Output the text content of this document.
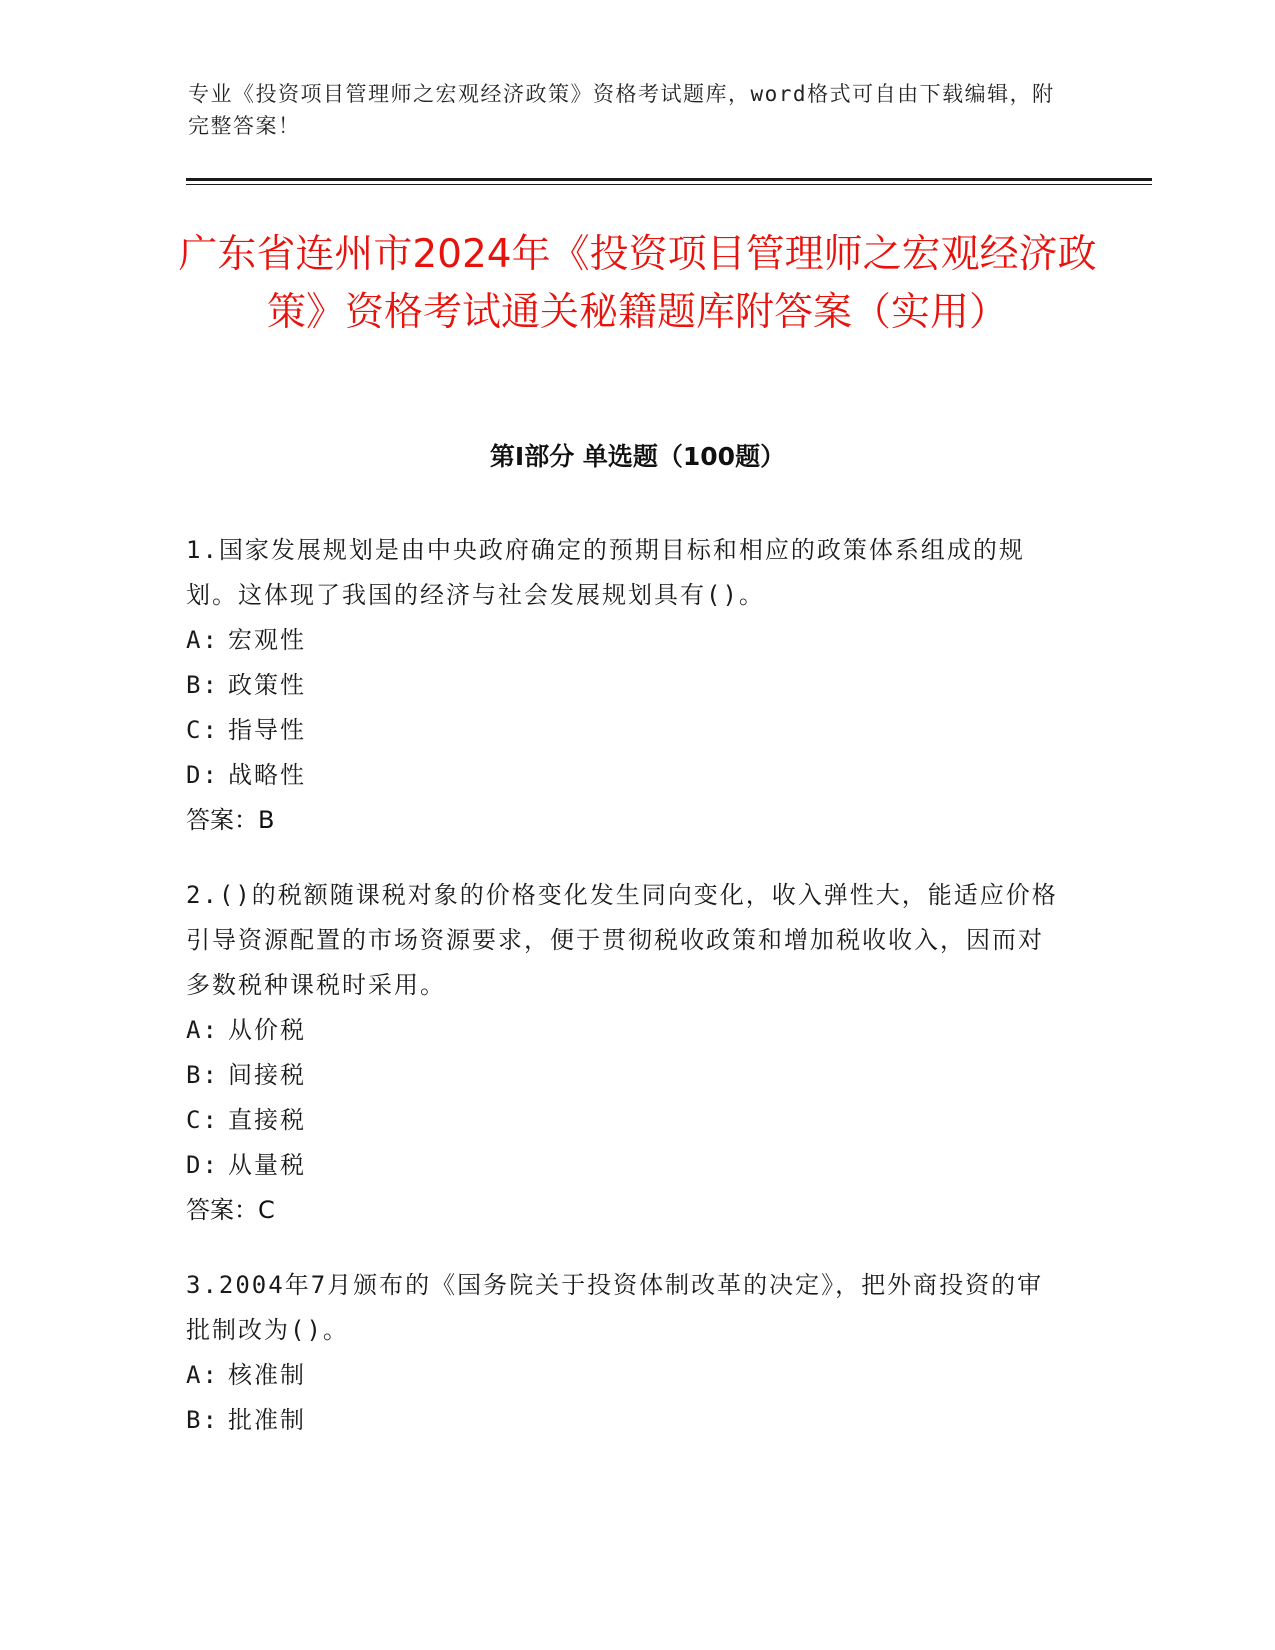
专业《投资项目管理师之宏观经济政策》资格考试题库，word格式可自由下载编辑，附完整答案！
广东省连州市2024年《投资项目管理师之宏观经济政策》资格考试通关秘籍题库附答案（实用）
第I部分 单选题（100题）
1.国家发展规划是由中央政府确定的预期目标和相应的政策体系组成的规划。这体现了我国的经济与社会发展规划具有()。
A: 宏观性
B: 政策性
C: 指导性
D: 战略性
答案：B
2.()的税额随课税对象的价格变化发生同向变化，收入弹性大，能适应价格引导资源配置的市场资源要求，便于贯彻税收政策和增加税收收入，因而对多数税种课税时采用。
A: 从价税
B: 间接税
C: 直接税
D: 从量税
答案：C
3.2004年7月颁布的《国务院关于投资体制改革的决定》，把外商投资的审批制改为()。
A: 核准制
B: 批准制
